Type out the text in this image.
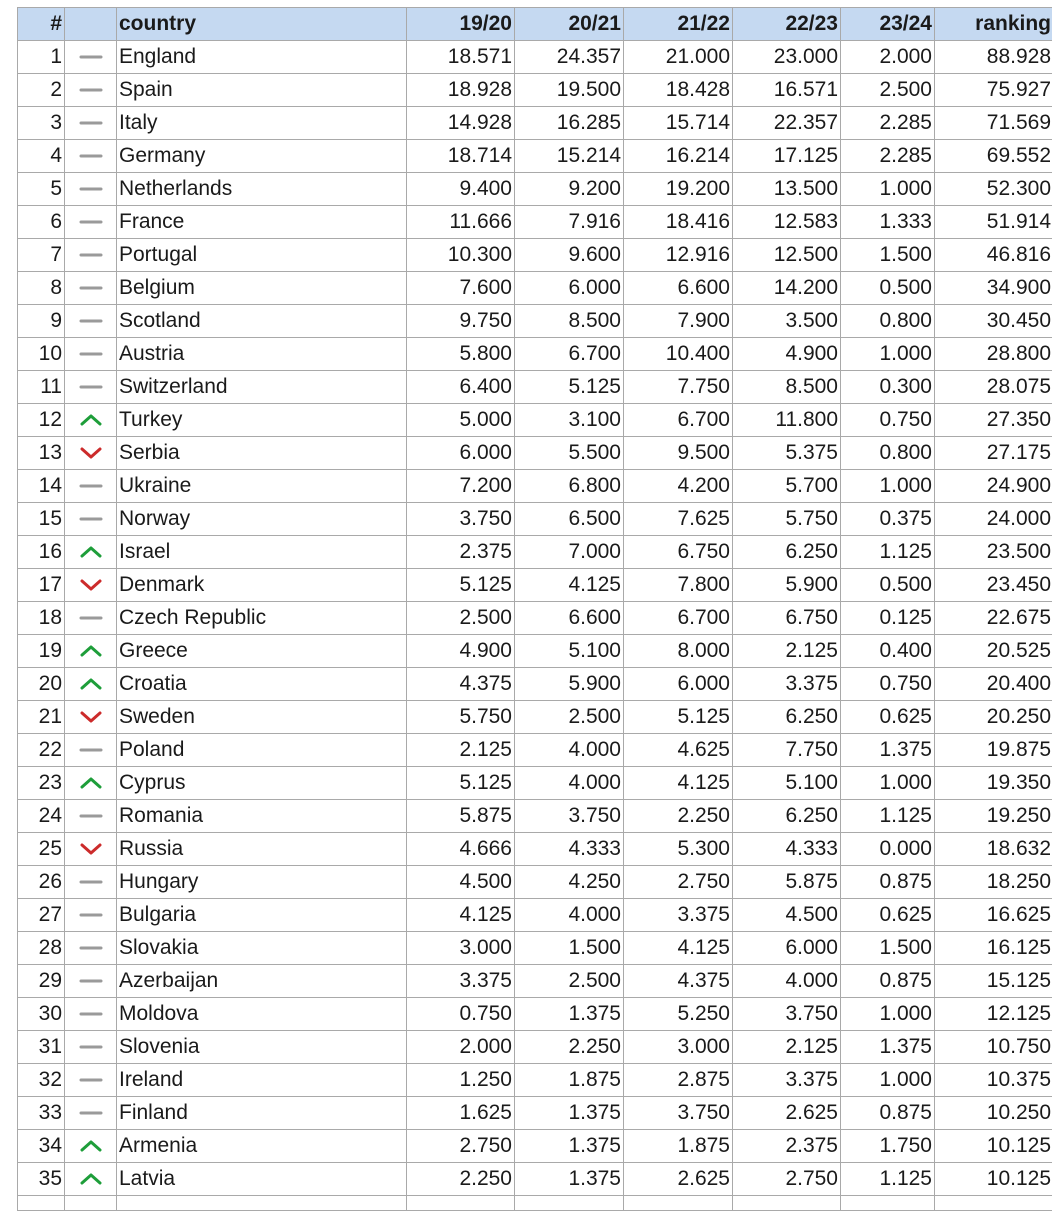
#		country	19/20	20/21	21/22	22/23	23/24	ranking
1		England	18.571	24.357	21.000	23.000	2.000	88.928
2		Spain	18.928	19.500	18.428	16.571	2.500	75.927
3		Italy	14.928	16.285	15.714	22.357	2.285	71.569
4		Germany	18.714	15.214	16.214	17.125	2.285	69.552
5		Netherlands	9.400	9.200	19.200	13.500	1.000	52.300
6		France	11.666	7.916	18.416	12.583	1.333	51.914
7		Portugal	10.300	9.600	12.916	12.500	1.500	46.816
8		Belgium	7.600	6.000	6.600	14.200	0.500	34.900
9		Scotland	9.750	8.500	7.900	3.500	0.800	30.450
10		Austria	5.800	6.700	10.400	4.900	1.000	28.800
11		Switzerland	6.400	5.125	7.750	8.500	0.300	28.075
12		Turkey	5.000	3.100	6.700	11.800	0.750	27.350
13		Serbia	6.000	5.500	9.500	5.375	0.800	27.175
14		Ukraine	7.200	6.800	4.200	5.700	1.000	24.900
15		Norway	3.750	6.500	7.625	5.750	0.375	24.000
16		Israel	2.375	7.000	6.750	6.250	1.125	23.500
17		Denmark	5.125	4.125	7.800	5.900	0.500	23.450
18		Czech Republic	2.500	6.600	6.700	6.750	0.125	22.675
19		Greece	4.900	5.100	8.000	2.125	0.400	20.525
20		Croatia	4.375	5.900	6.000	3.375	0.750	20.400
21		Sweden	5.750	2.500	5.125	6.250	0.625	20.250
22		Poland	2.125	4.000	4.625	7.750	1.375	19.875
23		Cyprus	5.125	4.000	4.125	5.100	1.000	19.350
24		Romania	5.875	3.750	2.250	6.250	1.125	19.250
25		Russia	4.666	4.333	5.300	4.333	0.000	18.632
26		Hungary	4.500	4.250	2.750	5.875	0.875	18.250
27		Bulgaria	4.125	4.000	3.375	4.500	0.625	16.625
28		Slovakia	3.000	1.500	4.125	6.000	1.500	16.125
29		Azerbaijan	3.375	2.500	4.375	4.000	0.875	15.125
30		Moldova	0.750	1.375	5.250	3.750	1.000	12.125
31		Slovenia	2.000	2.250	3.000	2.125	1.375	10.750
32		Ireland	1.250	1.875	2.875	3.375	1.000	10.375
33		Finland	1.625	1.375	3.750	2.625	0.875	10.250
34		Armenia	2.750	1.375	1.875	2.375	1.750	10.125
35		Latvia	2.250	1.375	2.625	2.750	1.125	10.125
